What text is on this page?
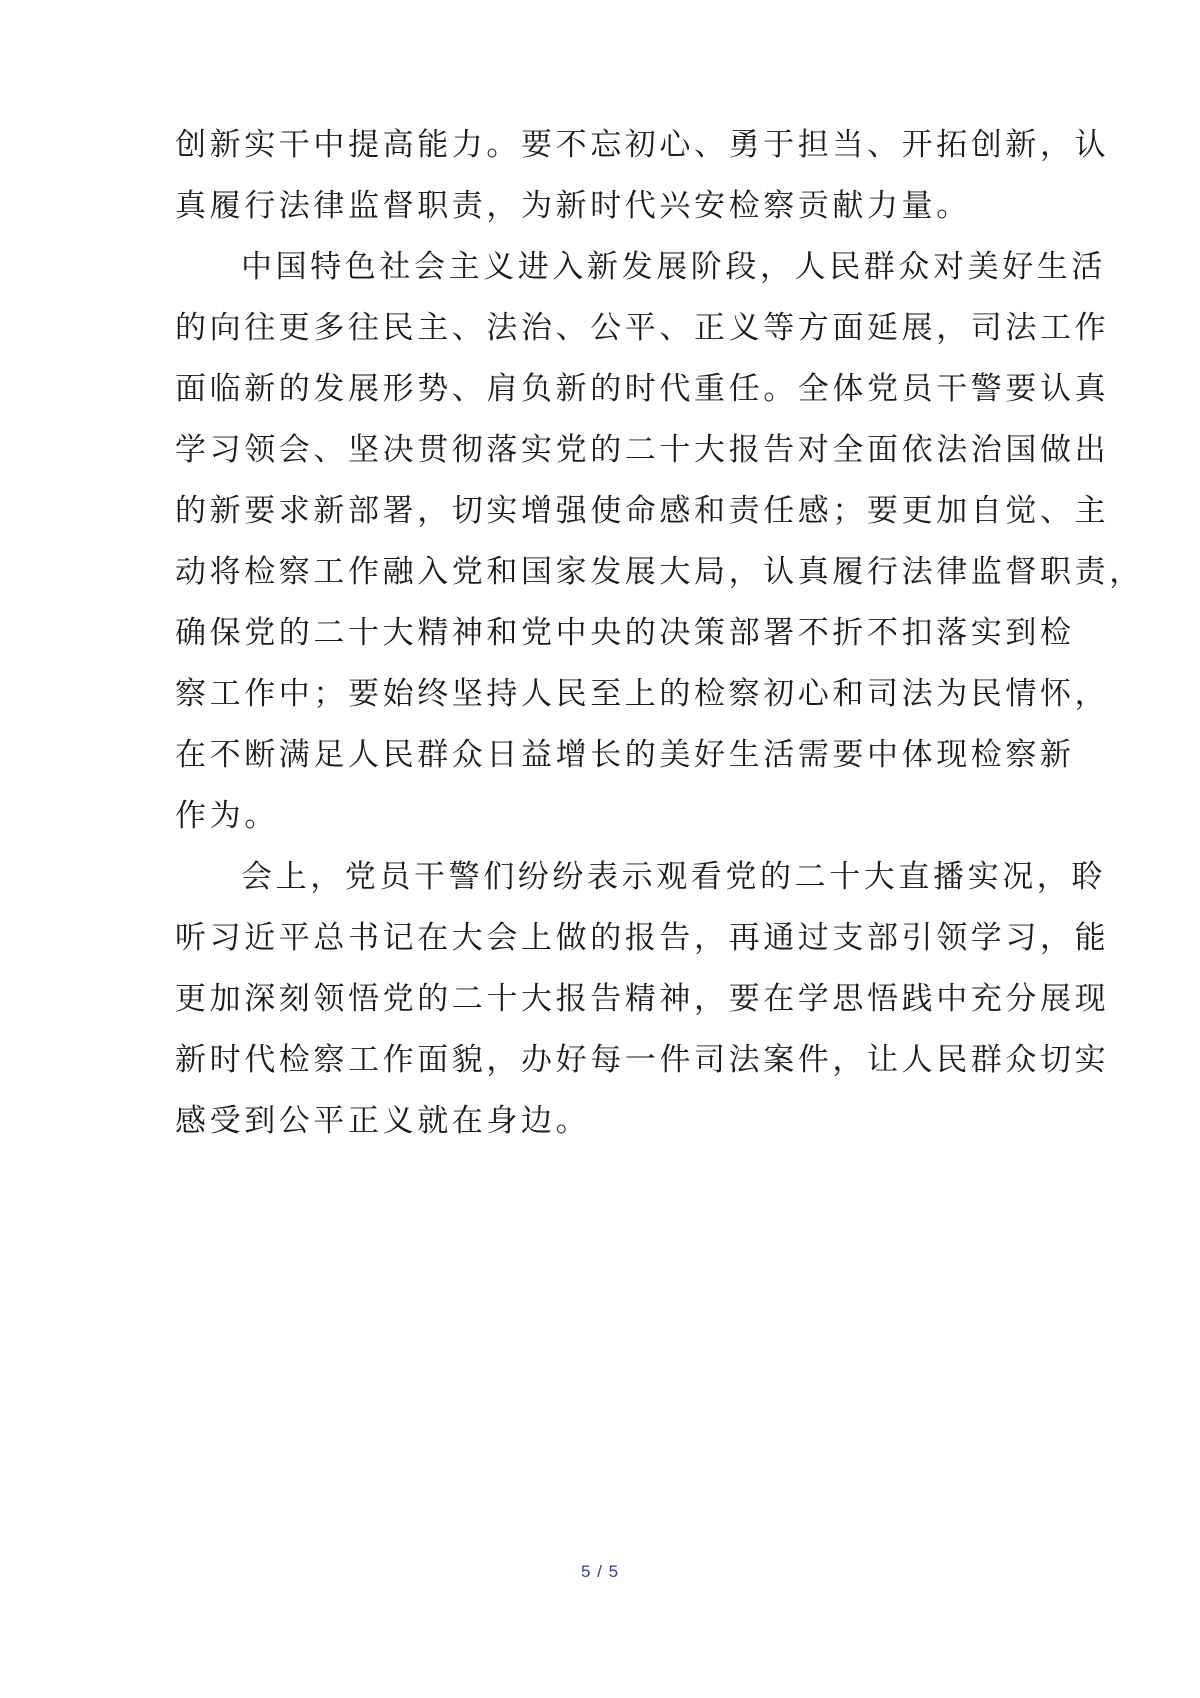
创新实干中提高能力。要不忘初心、勇于担当、开拓创新，认
真履行法律监督职责，为新时代兴安检察贡献力量。
中国特色社会主义进入新发展阶段，人民群众对美好生活
的向往更多往民主、法治、公平、正义等方面延展，司法工作
面临新的发展形势、肩负新的时代重任。全体党员干警要认真
学习领会、坚决贯彻落实党的二十大报告对全面依法治国做出
的新要求新部署，切实增强使命感和责任感；要更加自觉、主
动将检察工作融入党和国家发展大局，认真履行法律监督职责，
确保党的二十大精神和党中央的决策部署不折不扣落实到检
察工作中；要始终坚持人民至上的检察初心和司法为民情怀，
在不断满足人民群众日益增长的美好生活需要中体现检察新
作为。
会上，党员干警们纷纷表示观看党的二十大直播实况，聆
听习近平总书记在大会上做的报告，再通过支部引领学习，能
更加深刻领悟党的二十大报告精神，要在学思悟践中充分展现
新时代检察工作面貌，办好每一件司法案件，让人民群众切实
感受到公平正义就在身边。
5 / 5
